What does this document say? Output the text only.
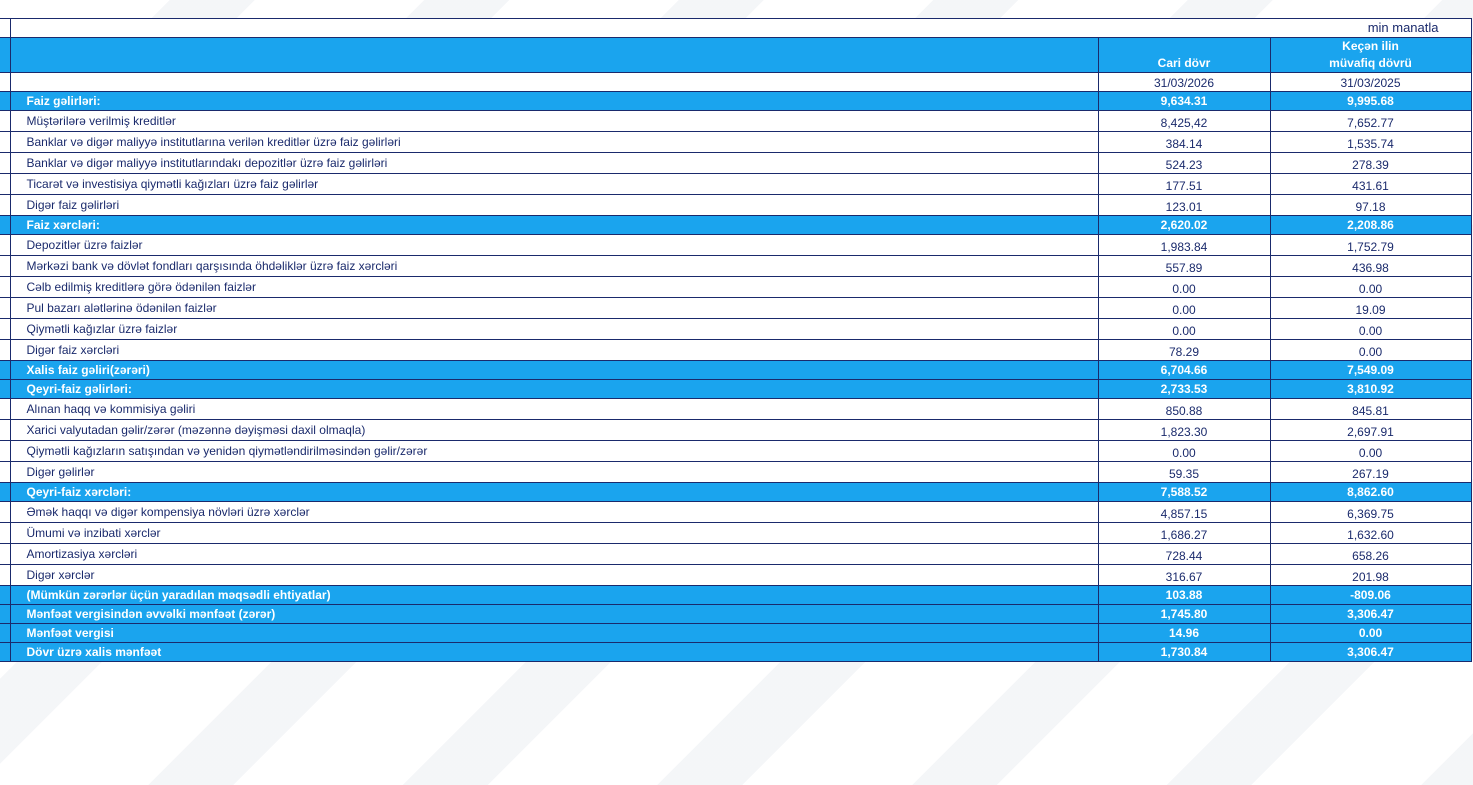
			min manatla
		Cari dövr	Keçən ilin
müvafiq dövrü
		31/03/2026	31/03/2025
	Faiz gəlirləri:	9,634.31	9,995.68
	Müştərilərə verilmiş kreditlər	8,425,42	7,652.77
	Banklar və digər maliyyə institutlarına verilən kreditlər üzrə faiz gəlirləri	384.14	1,535.74
	Banklar və digər maliyyə institutlarındakı depozitlər üzrə faiz gəlirləri	524.23	278.39
	Ticarət və investisiya qiymətli kağızları üzrə faiz gəlirlər	177.51	431.61
	Digər faiz gəlirləri	123.01	97.18
	Faiz xərcləri:	2,620.02	2,208.86
	Depozitlər üzrə faizlər	1,983.84	1,752.79
	Mərkəzi bank və dövlət fondları qarşısında öhdəliklər üzrə faiz xərcləri	557.89	436.98
	Cəlb edilmiş kreditlərə görə ödənilən faizlər	0.00	0.00
	Pul bazarı alətlərinə ödənilən faizlər	0.00	19.09
	Qiymətli kağızlar üzrə faizlər	0.00	0.00
	Digər faiz xərcləri	78.29	0.00
	Xalis faiz gəliri(zərəri)	6,704.66	7,549.09
	Qeyri-faiz gəlirləri:	2,733.53	3,810.92
	Alınan haqq və kommisiya gəliri	850.88	845.81
	Xarici valyutadan gəlir/zərər (məzənnə dəyişməsi daxil olmaqla)	1,823.30	2,697.91
	Qiymətli kağızların satışından və yenidən qiymətləndirilməsindən gəlir/zərər	0.00	0.00
	Digər gəlirlər	59.35	267.19
	Qeyri-faiz xərcləri:	7,588.52	8,862.60
	Əmək haqqı və digər kompensiya növləri üzrə xərclər	4,857.15	6,369.75
	Ümumi və inzibati xərclər	1,686.27	1,632.60
	Amortizasiya xərcləri	728.44	658.26
	Digər xərclər	316.67	201.98
	(Mümkün zərərlər üçün yaradılan məqsədli ehtiyatlar)	103.88	-809.06
	Mənfəət vergisindən əvvəlki mənfəət (zərər)	1,745.80	3,306.47
	Mənfəət vergisi	14.96	0.00
	Dövr üzrə xalis mənfəət	1,730.84	3,306.47
